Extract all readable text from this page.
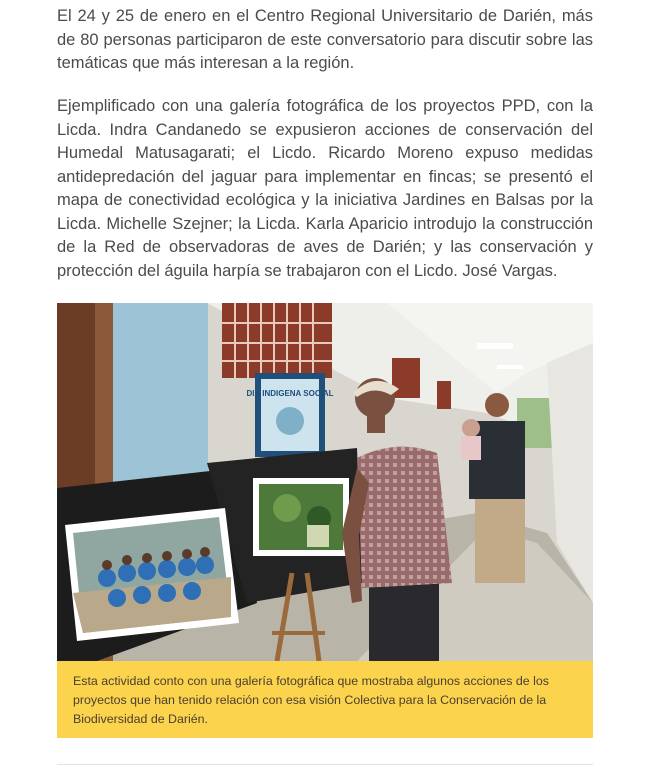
El 24 y 25 de enero en el Centro Regional Universitario de Darién, más de 80 personas participaron de este conversatorio para discutir sobre las temáticas que más interesan a la región.

Ejemplificado con una galería fotográfica de los proyectos PPD, con la Licda. Indra Candanedo se expusieron acciones de conservación del Humedal Matusagarati; el Licdo. Ricardo Moreno expuso medidas antidepredación del jaguar para implementar en fincas; se presentó el mapa de conectividad ecológica y la iniciativa Jardines en Balsas por la Licda. Michelle Szejner; la Licda. Karla Aparicio introdujo la construcción de la Red de observadoras de aves de Darién; y las conservación y protección del águila harpía se trabajaron con el Licdo. José Vargas.

DIA INDIGENA SOCIAL
Esta actividad conto con una galería fotográfica que mostraba algunos acciones de los proyectos que han tenido relación con esa visión Colectiva para la Conservación de la Biodiversidad de Darién.
